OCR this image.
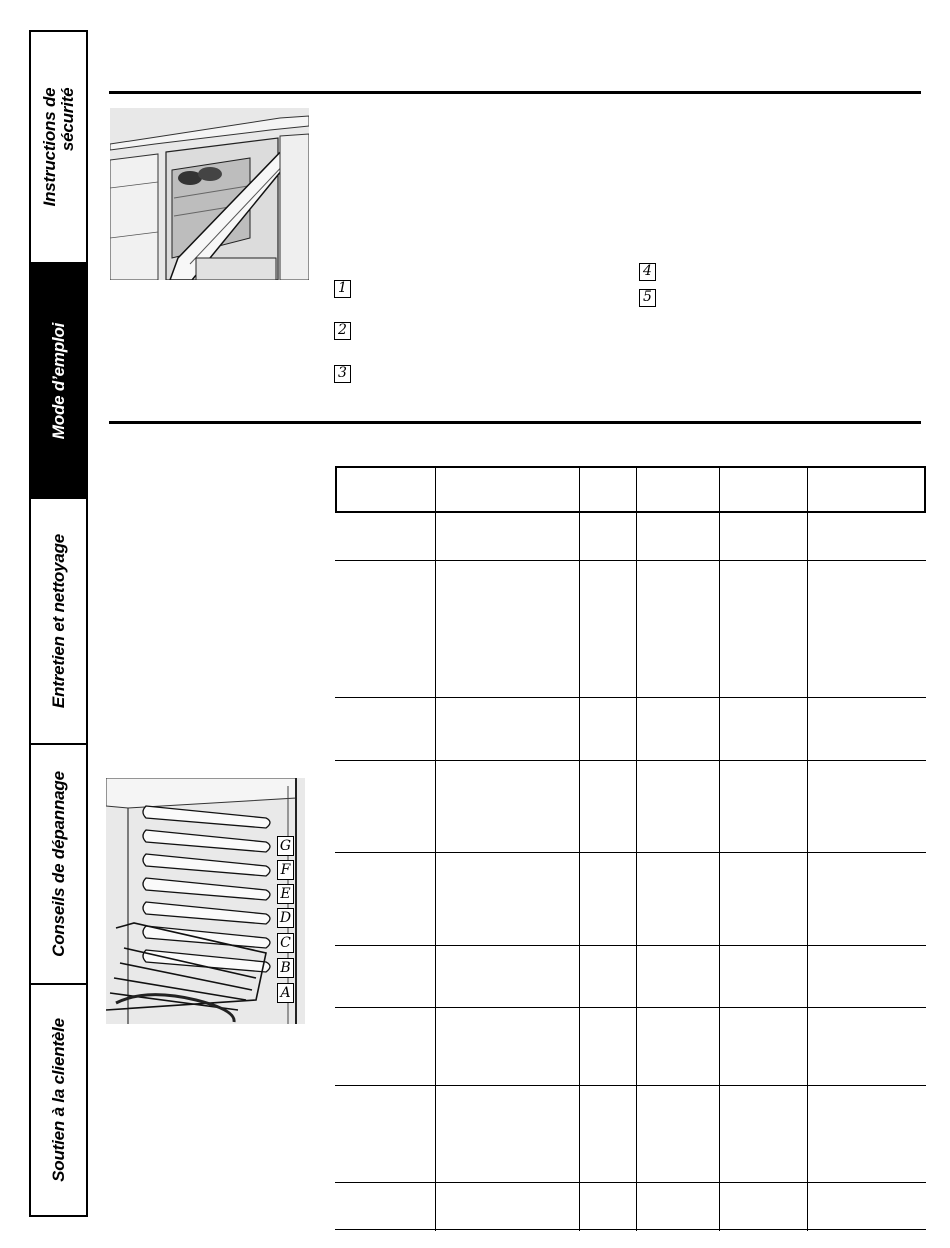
Instructions de sécurité
Mode d’emploi
Entretien et nettoyage
Conseils de dépannage
Soutien à la clientèle
1
2
3
4
5
G
F
E
D
C
B
A
